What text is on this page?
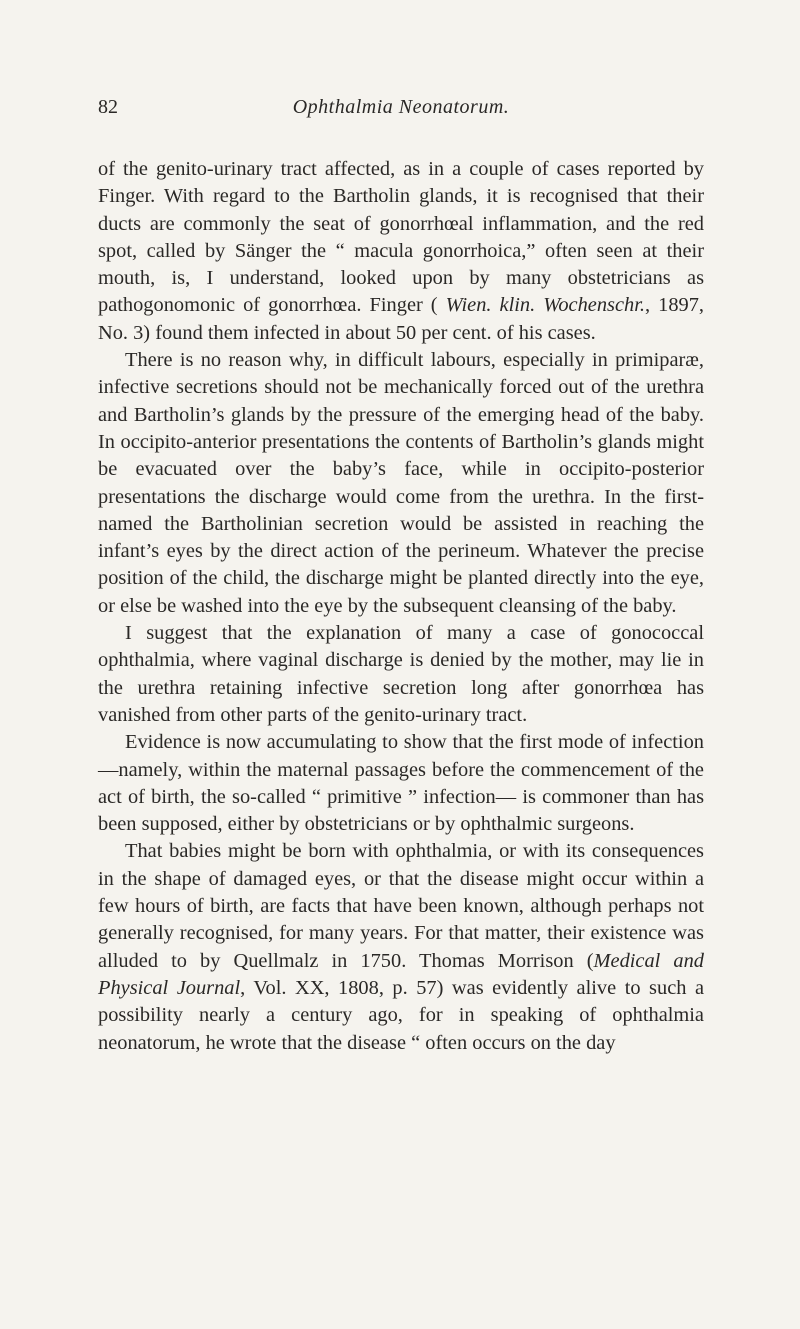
82	Ophthalmia Neonatorum.

of the genito-urinary tract affected, as in a couple of cases reported by Finger. With regard to the Bartholin glands, it is recognised that their ducts are commonly the seat of gonorrhœal inflammation, and the red spot, called by Sänger the “ macula gonorrhoica,” often seen at their mouth, is, I understand, looked upon by many obstetricians as pathogonomonic of gonorrhœa. Finger ( Wien. klin. Wochenschr., 1897, No. 3) found them infected in about 50 per cent. of his cases.

There is no reason why, in difficult labours, especially in primiparæ, infective secretions should not be mechanically forced out of the urethra and Bartholin’s glands by the pressure of the emerging head of the baby. In occipito-anterior presentations the contents of Bartholin’s glands might be evacuated over the baby’s face, while in occipito-posterior presentations the discharge would come from the urethra. In the first-named the Bartholinian secretion would be assisted in reaching the infant’s eyes by the direct action of the perineum. Whatever the precise position of the child, the discharge might be planted directly into the eye, or else be washed into the eye by the subsequent cleansing of the baby.

I suggest that the explanation of many a case of gonococcal ophthalmia, where vaginal discharge is denied by the mother, may lie in the urethra retaining infective secretion long after gonorrhœa has vanished from other parts of the genito-urinary tract.

Evidence is now accumulating to show that the first mode of infection—namely, within the maternal passages before the commencement of the act of birth, the so-called “ primitive ” infection— is commoner than has been supposed, either by obstetricians or by ophthalmic surgeons.

That babies might be born with ophthalmia, or with its consequences in the shape of damaged eyes, or that the disease might occur within a few hours of birth, are facts that have been known, although perhaps not generally recognised, for many years. For that matter, their existence was alluded to by Quellmalz in 1750. Thomas Morrison (Medical and Physical Journal, Vol. XX, 1808, p. 57) was evidently alive to such a possibility nearly a century ago, for in speaking of ophthalmia neonatorum, he wrote that the disease “ often occurs on the day
